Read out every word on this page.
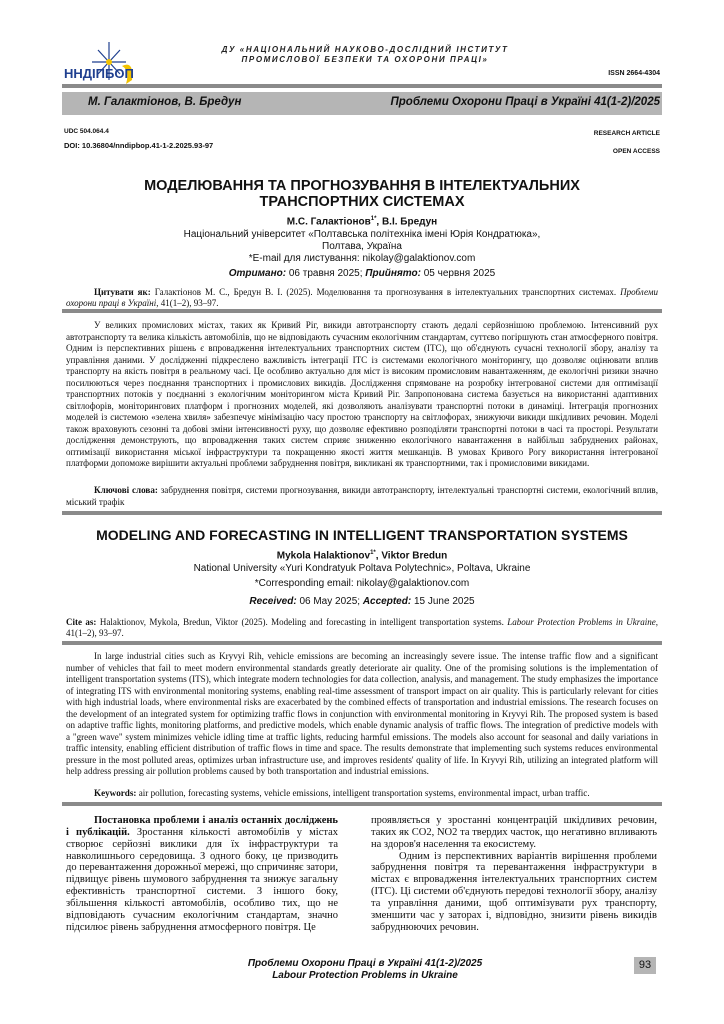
ННДІПБОП
ДУ «НАЦІОНАЛЬНИЙ НАУКОВО-ДОСЛІДНИЙ ІНСТИТУТ
ПРОМИСЛОВОЇ БЕЗПЕКИ ТА ОХОРОНИ ПРАЦІ»
ISSN 2664-4304
М. Галактіонов, В. Бредун	Проблеми Охорони Праці в Україні 41(1-2)/2025
UDC 504.064.4
DOI: 10.36804/nndipbop.41-1-2.2025.93-97
RESEARCH ARTICLE
OPEN ACCESS
МОДЕЛЮВАННЯ ТА ПРОГНОЗУВАННЯ В ІНТЕЛЕКТУАЛЬНИХ
ТРАНСПОРТНИХ СИСТЕМАХ
М.С. Галактіонов$^{1*}$, В.І. Бредун
Національний університет «Полтавська політехніка імені Юрія Кондратюка»,
Полтава, Україна
*E-mail для листування: nikolay@galaktionov.com
Отримано: 06 травня 2025; Прийнято: 05 червня 2025
Цитувати як: Галактіонов М. С., Бредун В. І. (2025). Моделювання та прогнозування в інтелектуальних транспортних системах. Проблеми охорони праці в Україні, 41(1–2), 93–97.

У великих промислових містах, таких як Кривий Ріг, викиди автотранспорту стають дедалі серйознішою проблемою. Інтенсивний рух автотранспорту та велика кількість автомобілів, що не відповідають сучасним екологічним стандартам, суттєво погіршують стан атмосферного повітря. Одним із перспективних рішень є впровадження інтелектуальних транспортних систем (ІТС), що об'єднують сучасні технології збору, аналізу та управління даними. У дослідженні підкреслено важливість інтеграції ІТС із системами екологічного моніторингу, що дозволяє оцінювати вплив транспорту на якість повітря в реальному часі. Це особливо актуально для міст із високим промисловим навантаженням, де екологічні ризики значно посилюються через поєднання транспортних і промислових викидів. Дослідження спрямоване на розробку інтегрованої системи для оптимізації транспортних потоків у поєднанні з екологічним моніторингом міста Кривий Ріг. Запропонована система базується на використанні адаптивних світлофорів, моніторингових платформ і прогнозних моделей, які дозволяють аналізувати транспортні потоки в динаміці. Інтеграція прогнозних моделей із системою «зелена хвиля» забезпечує мінімізацію часу простою транспорту на світлофорах, знижуючи викиди шкідливих речовин. Моделі також враховують сезонні та добові зміни інтенсивності руху, що дозволяє ефективно розподіляти транспортні потоки в часі та просторі. Результати дослідження демонструють, що впровадження таких систем сприяє зниженню екологічного навантаження в найбільш забруднених районах, оптимізації використання міської інфраструктури та покращенню якості життя мешканців. В умовах Кривого Рогу використання інтегрованої платформи допоможе вирішити актуальні проблеми забруднення повітря, викликані як транспортними, так і промисловими викидами.

Ключові слова: забруднення повітря, системи прогнозування, викиди автотранспорту, інтелектуальні транспортні системи, екологічний вплив, міський трафік
MODELING AND FORECASTING IN INTELLIGENT TRANSPORTATION SYSTEMS
Mykola Halaktionov$^{1*}$, Viktor Bredun
National University «Yuri Kondratyuk Poltava Polytechnic», Poltava, Ukraine
*Corresponding email: nikolay@galaktionov.com
Received: 06 May 2025; Accepted: 15 June 2025
Cite as: Halaktionov, Mykola, Bredun, Viktor (2025). Modeling and forecasting in intelligent transportation systems. Labour Protection Problems in Ukraine, 41(1–2), 93–97.

In large industrial cities such as Kryvyi Rih, vehicle emissions are becoming an increasingly severe issue. The intense traffic flow and a significant number of vehicles that fail to meet modern environmental standards greatly deteriorate air quality. One of the promising solutions is the implementation of intelligent transportation systems (ITS), which integrate modern technologies for data collection, analysis, and management. The study emphasizes the importance of integrating ITS with environmental monitoring systems, enabling real-time assessment of transport impact on air quality. This is particularly relevant for cities with high industrial loads, where environmental risks are exacerbated by the combined effects of transportation and industrial emissions. The research focuses on the development of an integrated system for optimizing traffic flows in conjunction with environmental monitoring in Kryvyi Rih. The proposed system is based on adaptive traffic lights, monitoring platforms, and predictive models, which enable dynamic analysis of traffic flows. The integration of predictive models with a "green wave" system minimizes vehicle idling time at traffic lights, reducing harmful emissions. The models also account for seasonal and daily variations in traffic intensity, enabling efficient distribution of traffic flows in time and space. The results demonstrate that implementing such systems reduces environmental pressure in the most polluted areas, optimizes urban infrastructure use, and improves residents' quality of life. In Kryvyi Rih, utilizing an integrated platform will help address pressing air pollution problems caused by both transportation and industrial emissions.

Keywords: air pollution, forecasting systems, vehicle emissions, intelligent transportation systems, environmental impact, urban traffic.

Постановка проблеми і аналіз останніх досліджень і публікацій. Зростання кількості автомобілів у містах створює серйозні виклики для їх інфраструктури та навколишнього середовища. З одного боку, це призводить до перевантаження дорожньої мережі, що спричиняє затори, підвищує рівень шумового забруднення та знижує загальну ефективність транспортної системи. З іншого боку, збільшення кількості автомобілів, особливо тих, що не відповідають сучасним екологічним стандартам, значно підсилює рівень забруднення атмосферного повітря. Це

проявляється у зростанні концентрацій шкідливих речовин, таких як CO2, NO2 та твердих часток, що негативно впливають на здоров'я населення та екосистему.

Одним із перспективних варіантів вирішення проблеми забруднення повітря та перевантаження інфраструктури в містах є впровадження інтелектуальних транспортних систем (ІТС). Ці системи об'єднують передові технології збору, аналізу та управління даними, щоб оптимізувати рух транспорту, зменшити час у заторах і, відповідно, знизити рівень викидів забруднюючих речовин.

Проблеми Охорони Праці в Україні 41(1-2)/2025
Labour Protection Problems in Ukraine
93
